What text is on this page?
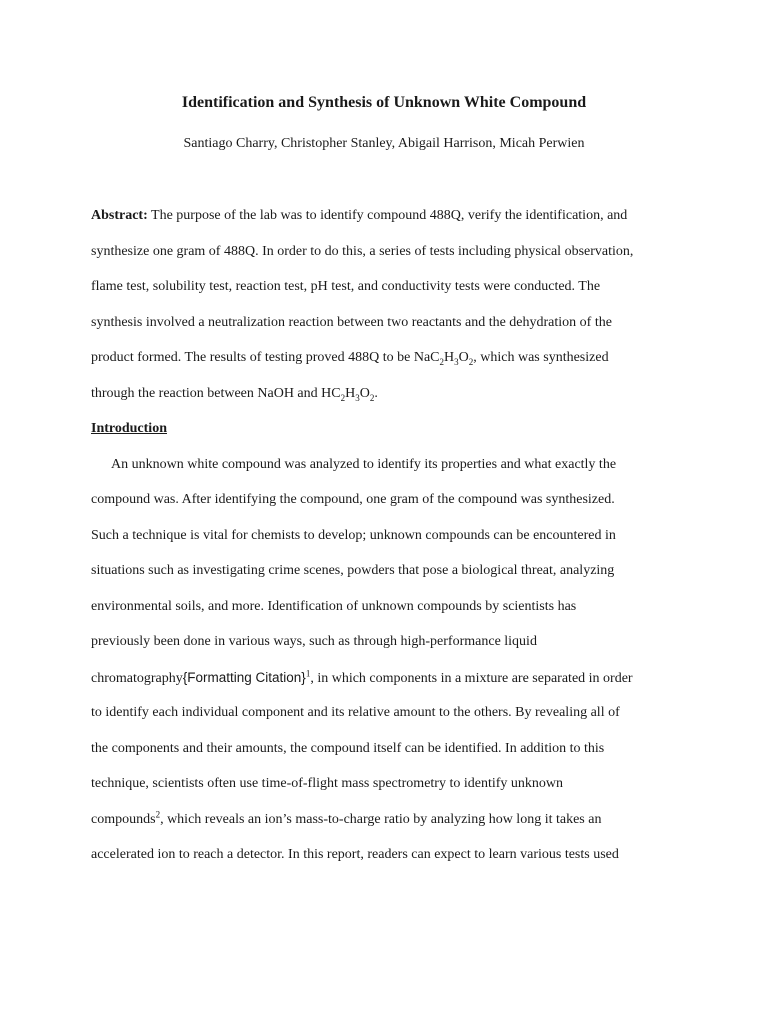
Identification and Synthesis of Unknown White Compound
Santiago Charry, Christopher Stanley, Abigail Harrison, Micah Perwien
Abstract: The purpose of the lab was to identify compound 488Q, verify the identification, and
synthesize one gram of 488Q. In order to do this, a series of tests including physical observation,
flame test, solubility test, reaction test, pH test, and conductivity tests were conducted. The
synthesis involved a neutralization reaction between two reactants and the dehydration of the
product formed. The results of testing proved 488Q to be $NaC_2H_3O_2$, which was synthesized
through the reaction between NaOH and $HC_2H_3O_2$.
Introduction
An unknown white compound was analyzed to identify its properties and what exactly the
compound was. After identifying the compound, one gram of the compound was synthesized.
Such a technique is vital for chemists to develop; unknown compounds can be encountered in
situations such as investigating crime scenes, powders that pose a biological threat, analyzing
environmental soils, and more. Identification of unknown compounds by scientists has
previously been done in various ways, such as through high-performance liquid
chromatography{Formatting Citation}$^1$, in which components in a mixture are separated in order
to identify each individual component and its relative amount to the others. By revealing all of
the components and their amounts, the compound itself can be identified. In addition to this
technique, scientists often use time-of-flight mass spectrometry to identify unknown
compounds$^2$, which reveals an ion’s mass-to-charge ratio by analyzing how long it takes an
accelerated ion to reach a detector. In this report, readers can expect to learn various tests used
